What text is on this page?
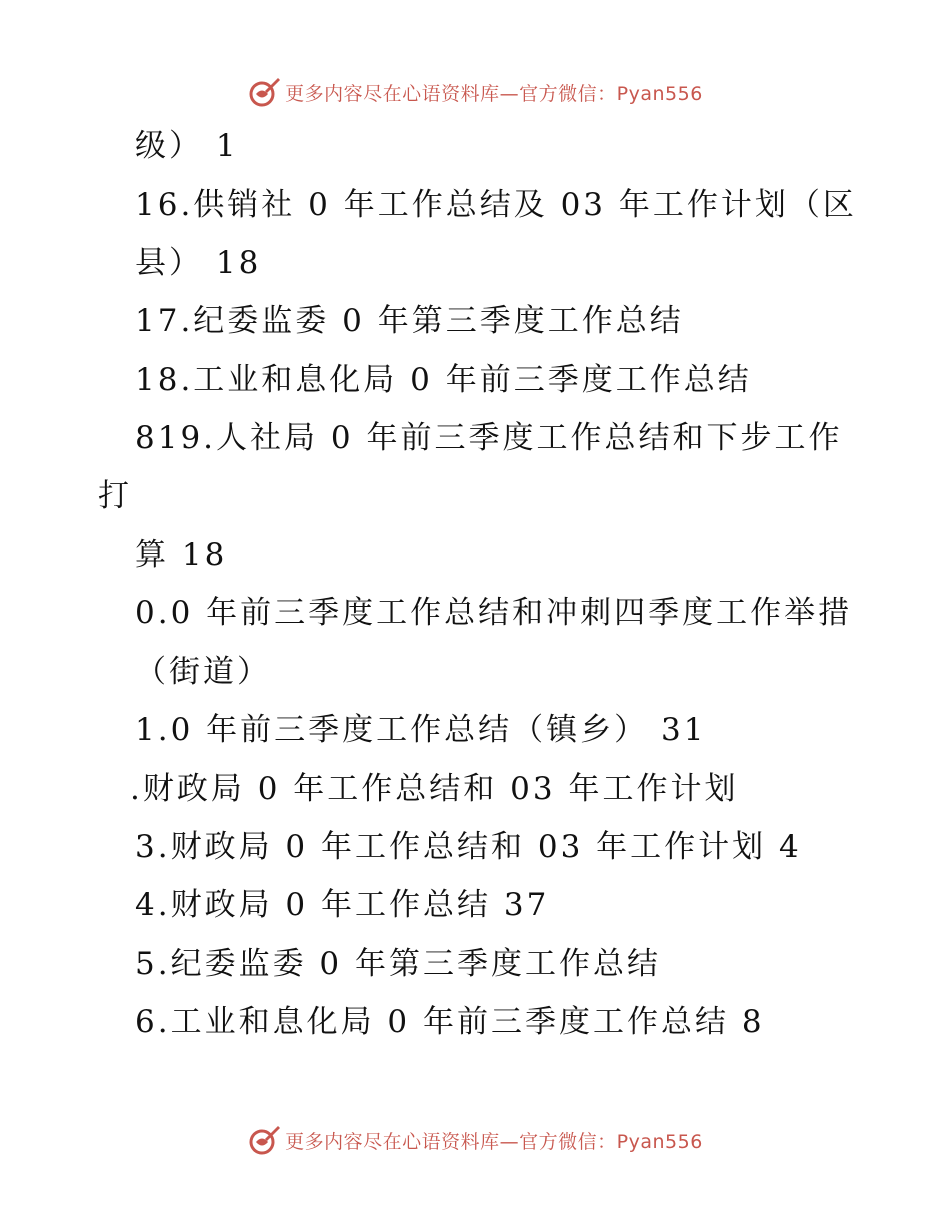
更多内容尽在心语资料库—官方微信：Pyan556
级） 1
16.供销社 0 年工作总结及 03 年工作计划（区
县） 18
17.纪委监委 0 年第三季度工作总结
18.工业和息化局 0 年前三季度工作总结
819.人社局 0 年前三季度工作总结和下步工作
打
算 18
0.0 年前三季度工作总结和冲刺四季度工作举措
（街道）
1.0 年前三季度工作总结（镇乡） 31
.财政局 0 年工作总结和 03 年工作计划
3.财政局 0 年工作总结和 03 年工作计划 4
4.财政局 0 年工作总结 37
5.纪委监委 0 年第三季度工作总结
6.工业和息化局 0 年前三季度工作总结 8
更多内容尽在心语资料库—官方微信：Pyan556
